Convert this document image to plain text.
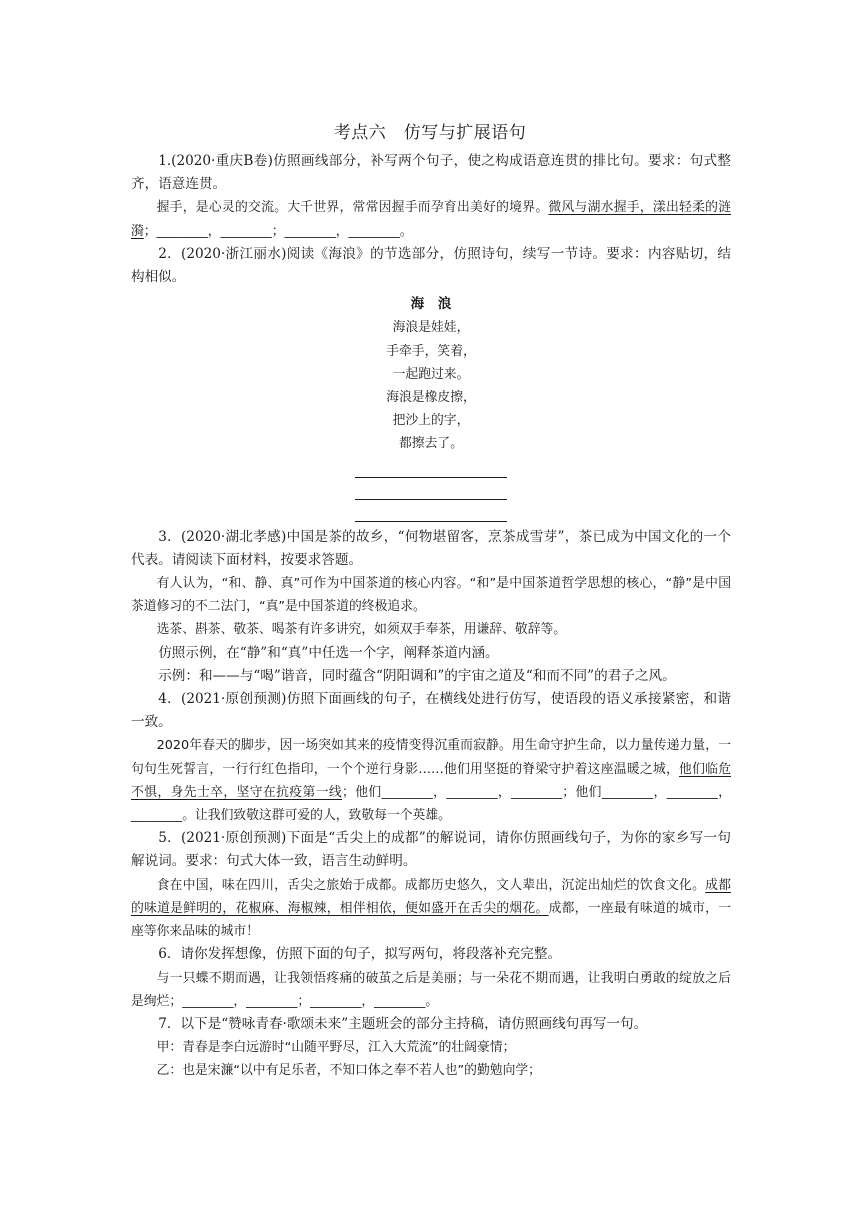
考点六　仿写与扩展语句

1.(2020·重庆B卷)仿照画线部分，补写两个句子，使之构成语意连贯的排比句。要求：句式整齐，语意连贯。

握手，是心灵的交流。大千世界，常常因握手而孕育出美好的境界。微风与湖水握手，漾出轻柔的涟漪；________，________；________，________。

2．(2020·浙江丽水)阅读《海浪》的节选部分，仿照诗句，续写一节诗。要求：内容贴切，结构相似。

海　浪
海浪是娃娃，
手牵手，笑着，
一起跑过来。
海浪是橡皮擦，
把沙上的字，
都擦去了。

3．(2020·湖北孝感)中国是茶的故乡，“何物堪留客，烹茶成雪芽”，茶已成为中国文化的一个代表。请阅读下面材料，按要求答题。

有人认为，“和、静、真”可作为中国茶道的核心内容。“和”是中国茶道哲学思想的核心，“静”是中国茶道修习的不二法门，“真”是中国茶道的终极追求。

选茶、斟茶、敬茶、喝茶有许多讲究，如须双手奉茶，用谦辞、敬辞等。

仿照示例，在“静”和“真”中任选一个字，阐释茶道内涵。

示例：和——与“喝”谐音，同时蕴含“阴阳调和”的宇宙之道及“和而不同”的君子之风。

4．(2021·原创预测)仿照下面画线的句子，在横线处进行仿写，使语段的语义承接紧密，和谐一致。

2020年春天的脚步，因一场突如其来的疫情变得沉重而寂静。用生命守护生命，以力量传递力量，一句句生死誓言，一行行红色指印，一个个逆行身影……他们用坚挺的脊梁守护着这座温暖之城，他们临危不惧，身先士卒，坚守在抗疫第一线；他们________，________，________；他们________，________，________。让我们致敬这群可爱的人，致敬每一个英雄。

5．(2021·原创预测)下面是“舌尖上的成都”的解说词，请你仿照画线句子，为你的家乡写一句解说词。要求：句式大体一致，语言生动鲜明。

食在中国，味在四川，舌尖之旅始于成都。成都历史悠久，文人辈出，沉淀出灿烂的饮食文化。成都的味道是鲜明的，花椒麻、海椒辣，相伴相依，便如盛开在舌尖的烟花。成都，一座最有味道的城市，一座等你来品味的城市！

6．请你发挥想像，仿照下面的句子，拟写两句，将段落补充完整。

与一只蝶不期而遇，让我领悟疼痛的破茧之后是美丽；与一朵花不期而遇，让我明白勇敢的绽放之后是绚烂；________，________；________，________。

7．以下是“赞咏青春·歌颂未来”主题班会的部分主持稿，请仿照画线句再写一句。

甲：青春是李白远游时“山随平野尽，江入大荒流”的壮阔豪情；

乙：也是宋濂“以中有足乐者，不知口体之奉不若人也”的勤勉向学；
